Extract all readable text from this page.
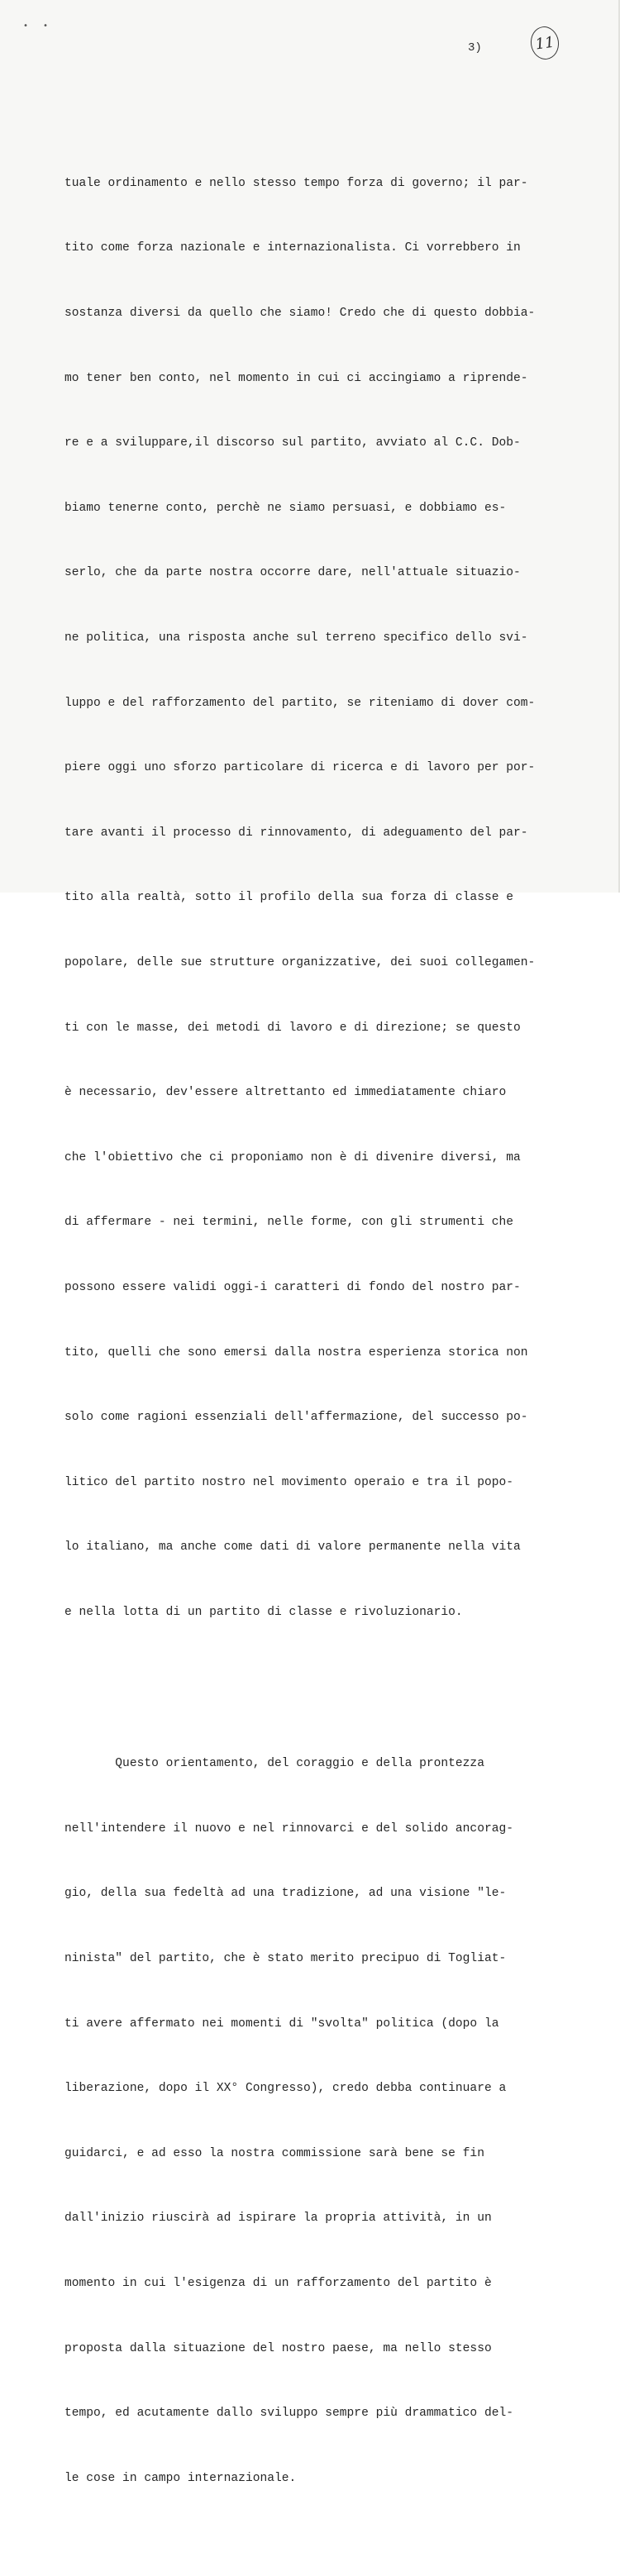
• •
3)	11

tuale ordinamento e nello stesso tempo forza di governo; il par-

tito come forza nazionale e internazionalista. Ci vorrebbero in

sostanza diversi da quello che siamo! Credo che di questo dobbia-

mo tener ben conto, nel momento in cui ci accingiamo a riprende-

re e a sviluppare,il discorso sul partito, avviato al C.C. Dob-

biamo tenerne conto, perchè ne siamo persuasi, e dobbiamo es-

serlo, che da parte nostra occorre dare, nell'attuale situazio-

ne politica, una risposta anche sul terreno specifico dello svi-

luppo e del rafforzamento del partito, se riteniamo di dover com-

piere oggi uno sforzo particolare di ricerca e di lavoro per por-

tare avanti il processo di rinnovamento, di adeguamento del par-

tito alla realtà, sotto il profilo della sua forza di classe e

popolare, delle sue strutture organizzative, dei suoi collegamen-

ti con le masse, dei metodi di lavoro e di direzione; se questo

è necessario, dev'essere altrettanto ed immediatamente chiaro

che l'obiettivo che ci proponiamo non è di divenire diversi, ma

di affermare - nei termini, nelle forme, con gli strumenti che

possono essere validi oggi-i caratteri di fondo del nostro par-

tito, quelli che sono emersi dalla nostra esperienza storica non

solo come ragioni essenziali dell'affermazione, del successo po-

litico del partito nostro nel movimento operaio e tra il popo-

lo italiano, ma anche come dati di valore permanente nella vita

e nella lotta di un partito di classe e rivoluzionario.

Questo orientamento, del coraggio e della prontezza

nell'intendere il nuovo e nel rinnovarci e del solido ancorag-

gio, della sua fedeltà ad una tradizione, ad una visione "le-

ninista" del partito, che è stato merito precipuo di Togliat-

ti avere affermato nei momenti di "svolta" politica (dopo la

liberazione, dopo il XX° Congresso), credo debba continuare a

guidarci, e ad esso la nostra commissione sarà bene se fin

dall'inizio riuscirà ad ispirare la propria attività, in un

momento in cui l'esigenza di un rafforzamento del partito è

proposta dalla situazione del nostro paese, ma nello stesso

tempo, ed acutamente dallo sviluppo sempre più drammatico del-

le cose in campo internazionale.
